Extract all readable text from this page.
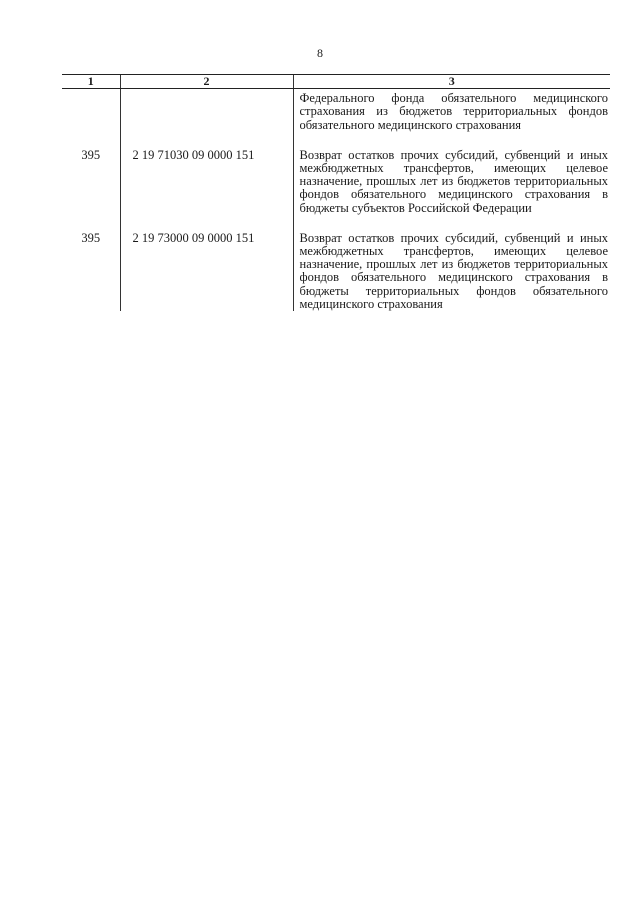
8
1	2	3
		Федерального фонда обязательного медицинского страхования из бюджетов территориальных фондов обязательного медицинского страхования

395	2 19 71030 09 0000 151	Возврат остатков прочих субсидий, субвенций и иных межбюджетных трансфертов, имеющих целевое назначение, прошлых лет из бюджетов территориальных фондов обязательного медицинского страхования в бюджеты субъектов Российской Федерации

395	2 19 73000 09 0000 151	Возврат остатков прочих субсидий, субвенций и иных межбюджетных трансфертов, имеющих целевое назначение, прошлых лет из бюджетов территориальных фондов обязательного медицинского страхования в бюджеты территориальных фондов обязательного медицинского страхования
